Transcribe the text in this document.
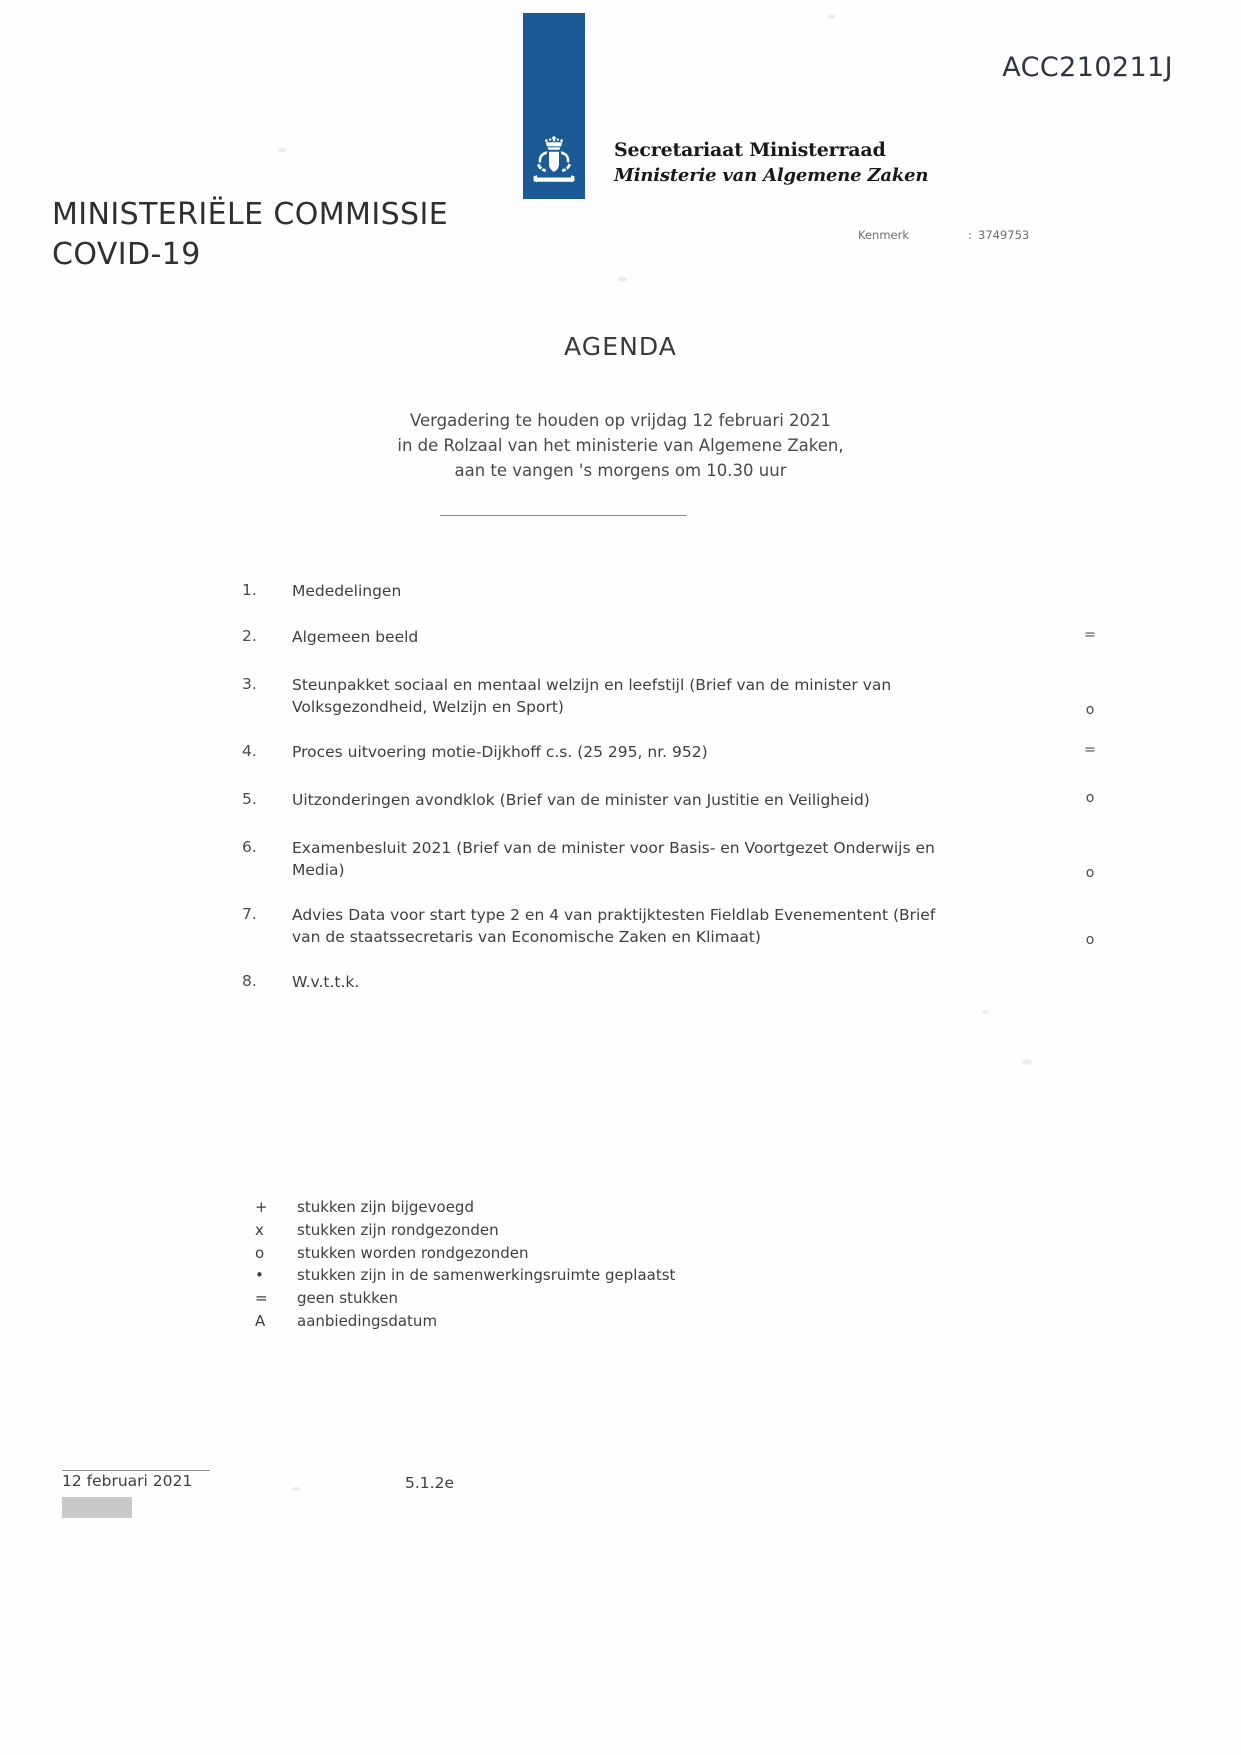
Secretariaat Ministerraad
Ministerie van Algemene Zaken
ACC210211J
Kenmerk	: 3749753
MINISTERIËLE COMMISSIE
COVID-19
AGENDA
Vergadering te houden op vrijdag 12 februari 2021
in de Rolzaal van het ministerie van Algemene Zaken,
aan te vangen 's morgens om 10.30 uur
1.	Mededelingen
2.	Algemeen beeld	=
3.	Steunpakket sociaal en mentaal welzijn en leefstijl (Brief van de minister van Volksgezondheid, Welzijn en Sport)	o
4.	Proces uitvoering motie-Dijkhoff c.s. (25 295, nr. 952)	=
5.	Uitzonderingen avondklok (Brief van de minister van Justitie en Veiligheid)	o
6.	Examenbesluit 2021 (Brief van de minister voor Basis- en Voortgezet Onderwijs en Media)	o
7.	Advies Data voor start type 2 en 4 van praktijktesten Fieldlab Evenementent (Brief van de staatssecretaris van Economische Zaken en Klimaat)	o
8.	W.v.t.t.k.
+	stukken zijn bijgevoegd
x	stukken zijn rondgezonden
o	stukken worden rondgezonden
•	stukken zijn in de samenwerkingsruimte geplaatst
=	geen stukken
A	aanbiedingsdatum
12 februari 2021	5.1.2e
